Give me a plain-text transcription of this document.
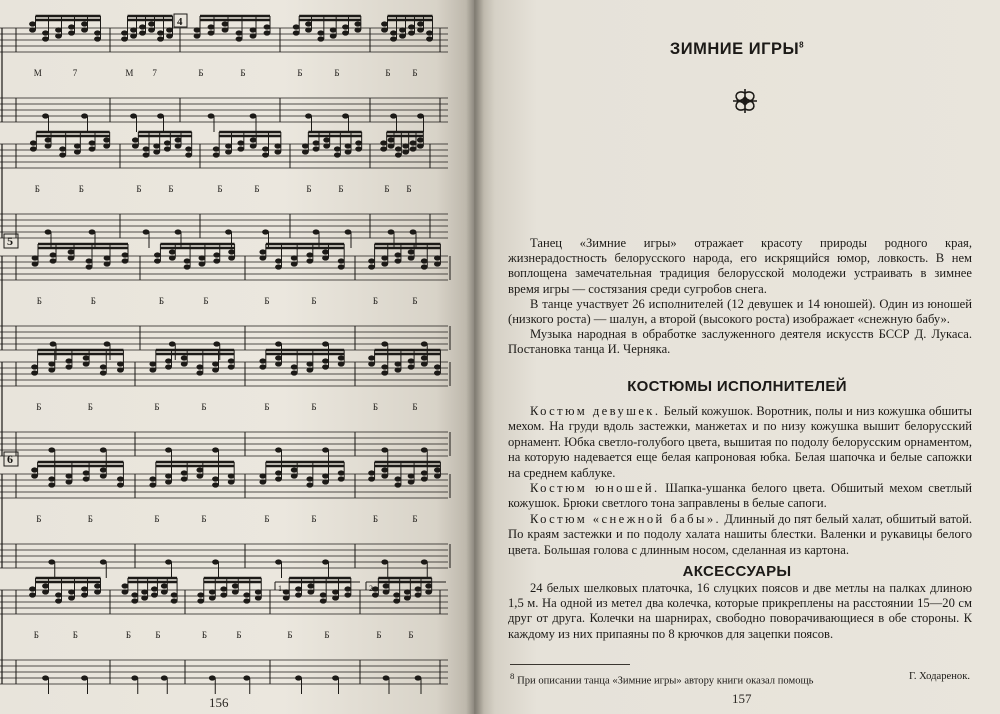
М	7	М 7	Б	Б	Б	Б	Б Б
Б	Б	Б	Б	Б	Б	Б	Б	Б Б
Б	Б	Б	Б	Б	Б	Б	Б
5
Б	Б	Б	Б	Б	Б	Б	Б
Б	Б	Б	Б	Б	Б	Б	Б
6
Б	Б	Б	Б	Б	Б	Б	Б	Б	Б
4
1.	2.
156
ЗИМНИЕ ИГРЫ$^8$

Танец «Зимние игры» отражает красоту природы родного края, жизнерадостность белорусского народа, его искрящийся юмор, ловкость. В нем воплощена замечательная традиция белорусской молодежи устраивать в зимнее время игры — состязания среди сугробов снега.

В танце участвует 26 исполнителей (12 девушек и 14 юношей). Один из юношей (низкого роста) — шалун, а второй (высокого роста) изображает «снежную бабу».

Музыка народная в обработке заслуженного деятеля искусств БССР Д. Лукаса. Постановка танца И. Черняка.

КОСТЮМЫ ИСПОЛНИТЕЛЕЙ

Костюм девушек. Белый кожушок. Воротник, полы и низ кожушка обшиты мехом. На груди вдоль застежки, манжетах и по низу кожушка вышит белорусский орнамент. Юбка светло-голубого цвета, вышитая по подолу белорусским орнаментом, на которую надевается еще белая капроновая юбка. Белая шапочка и белые сапожки на среднем каблуке.

Костюм юношей. Шапка-ушанка белого цвета. Обшитый мехом светлый кожушок. Брюки светлого тона заправлены в белые сапоги.

Костюм «снежной бабы». Длинный до пят белый халат, обшитый ватой. По краям застежки и по подолу халата нашиты блестки. Валенки и рукавицы белого цвета. Большая голова с длинным носом, сделанная из картона.

АКСЕССУАРЫ

24 белых шелковых платочка, 16 слуцких поясов и две метлы на палках длиною 1,5 м. На одной из метел два колечка, которые прикреплены на расстоянии 15—20 см друг от друга. Колечки на шарнирах, свободно поворачивающиеся в обе стороны. К каждому из них припаяны по 8 крючков для зацепки поясов.

$^8$ При описании танца «Зимние игры» автору книги оказал помощь	Г. Ходаренок.
157
